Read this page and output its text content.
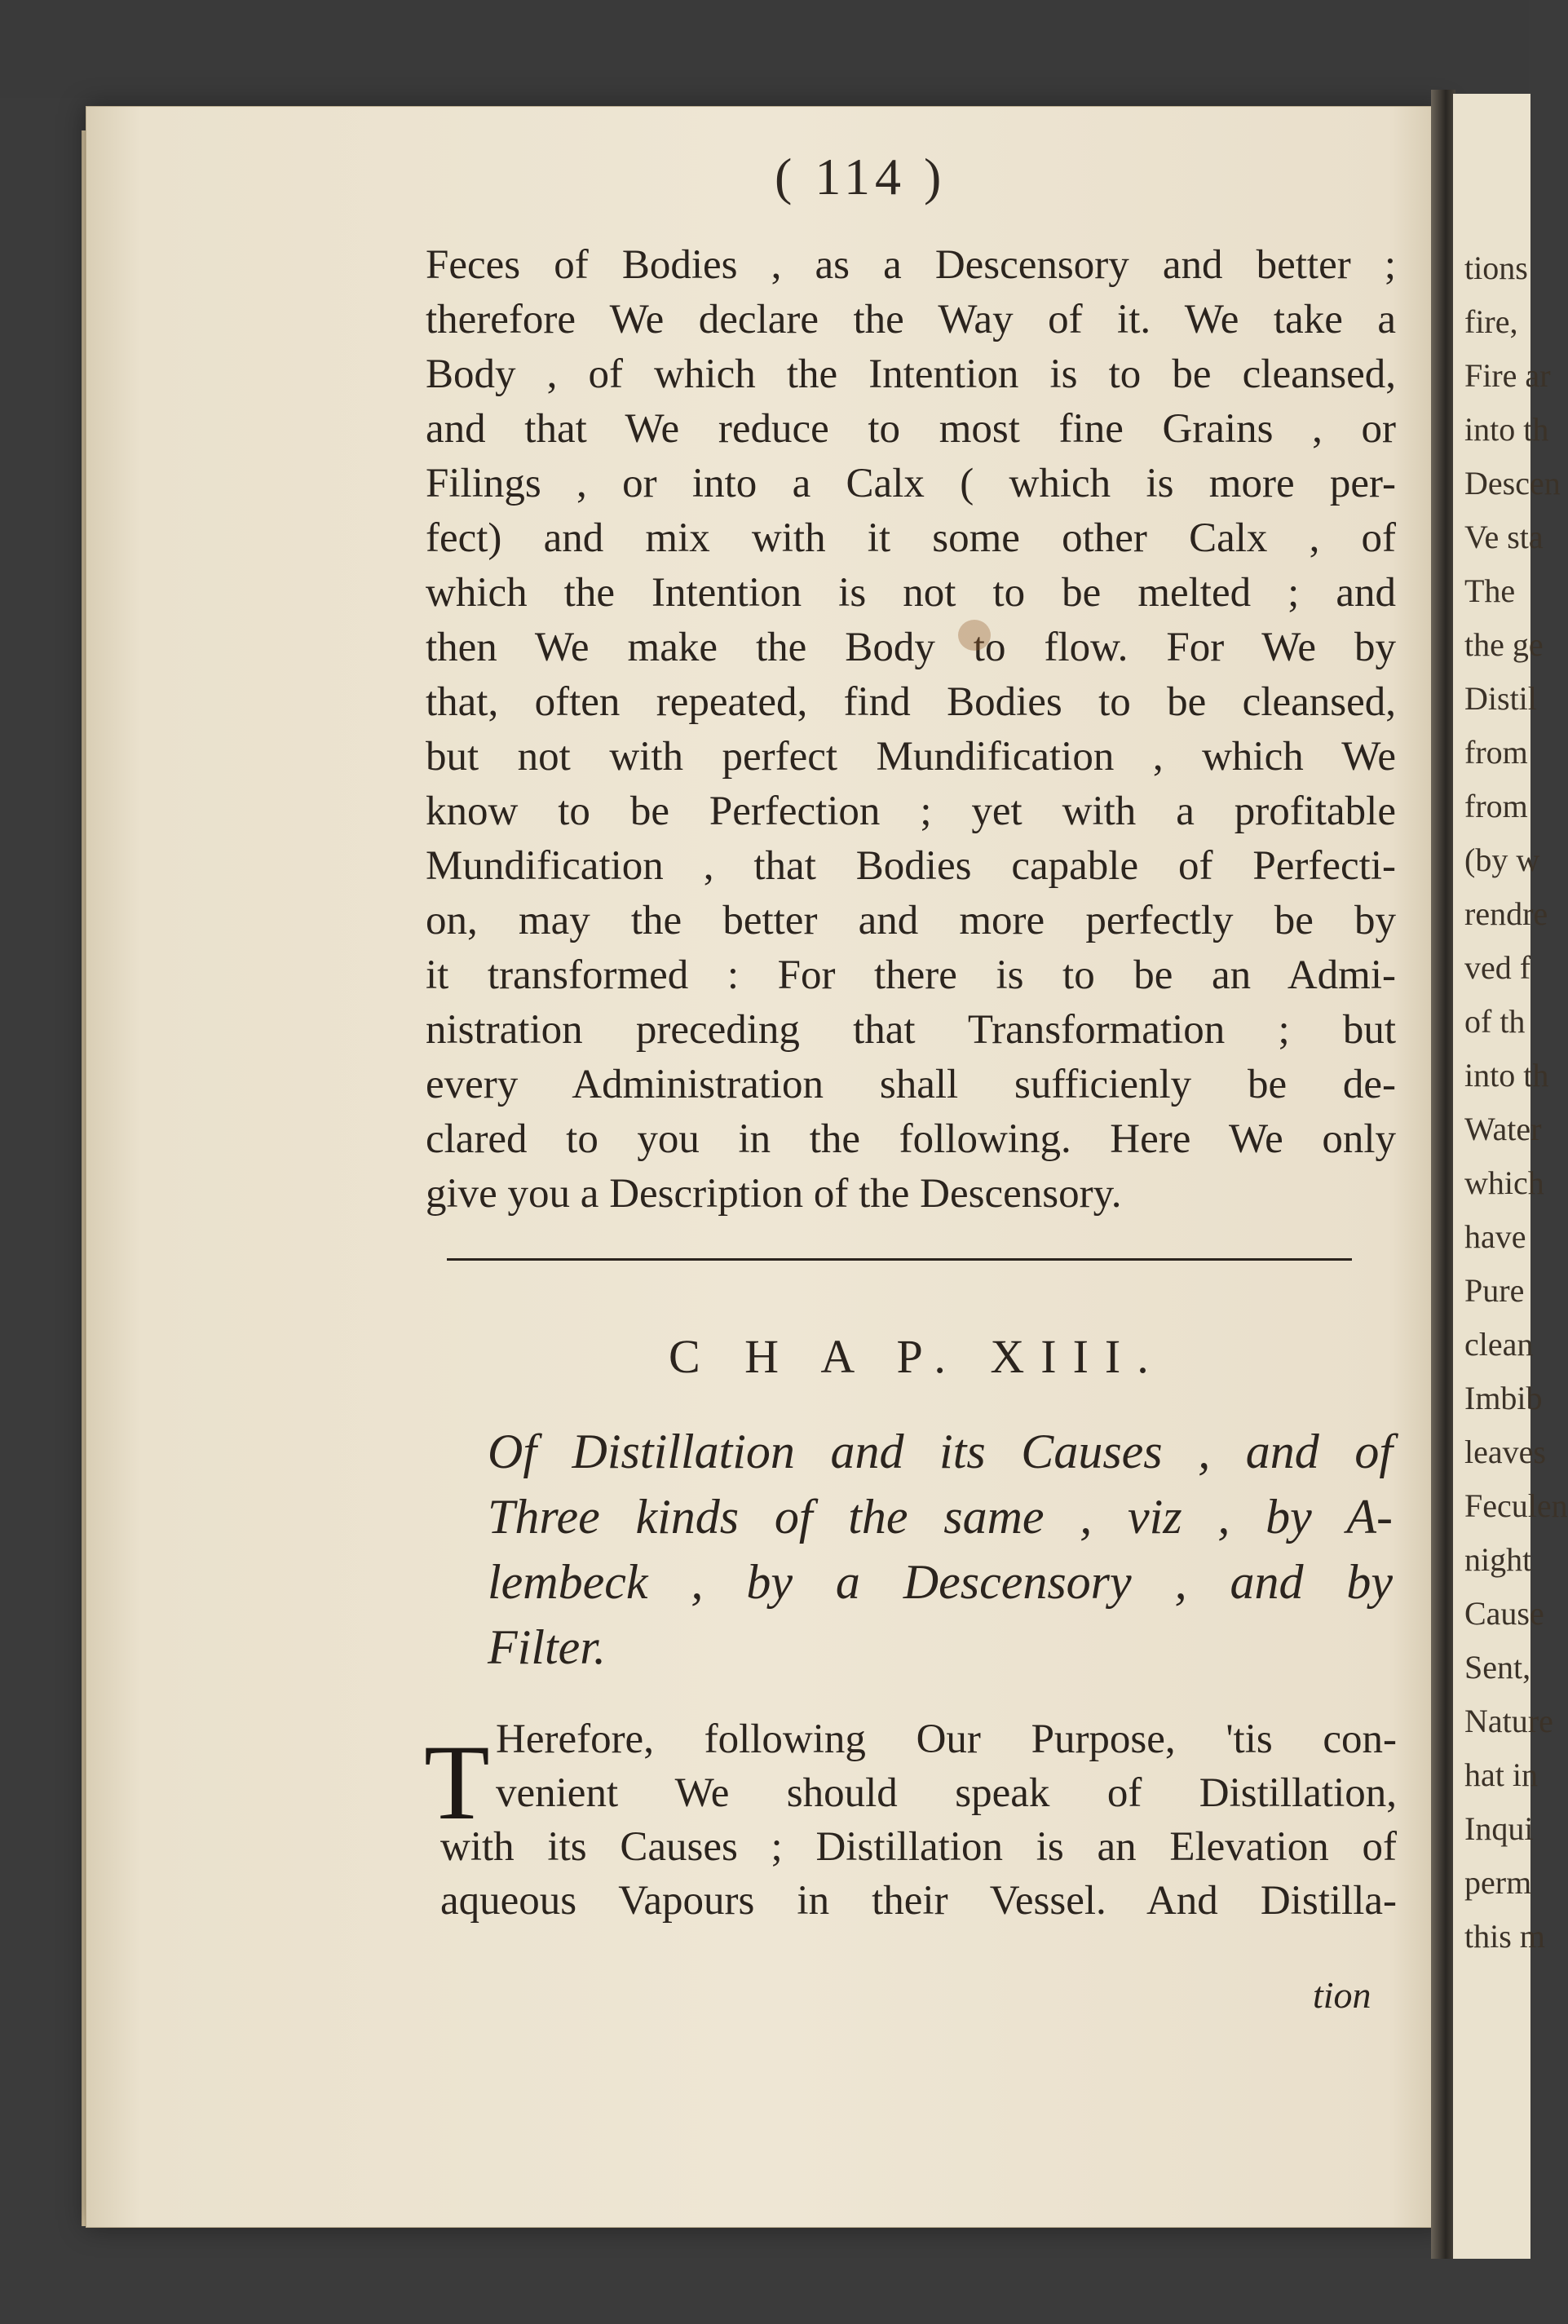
tions
fire,
Fire ar
into th
Descen
Ve sta
The
the ge
Distil
from
from
(by w
rendre
ved f
of th
into th
Water
which
have
Pure
clean
Imbib
leaves
Feculen
night
Cause
Sent,
Nature
hat in
Inqui
perm
this m
( 114 )
Feces of Bodies , as a Descensory and better ;
therefore We declare the Way of it. We take a
Body , of which the Intention is to be cleansed,
and that We reduce to most fine Grains , or
Filings , or into a Calx ( which is more per-
fect) and mix with it some other Calx , of
which the Intention is not to be melted ; and
then We make the Body to flow. For We by
that, often repeated, find Bodies to be cleansed,
but not with perfect Mundification , which We
know to be Perfection ; yet with a profitable
Mundification , that Bodies capable of Perfecti-
on, may the better and more perfectly be by
it transformed : For there is to be an Admi-
nistration preceding that Transformation ; but
every Administration shall sufficienly be de-
clared to you in the following. Here We only
give you a Description of the Descensory.
C H A P. XIII.
Of Distillation and its Causes , and of
Three kinds of the same , viz , by A-
lembeck , by a Descensory , and by
Filter.
T Herefore, following Our Purpose, 'tis con-
venient We should speak of Distillation,
with its Causes ; Distillation is an Elevation of
aqueous Vapours in their Vessel. And Distilla-
tion
